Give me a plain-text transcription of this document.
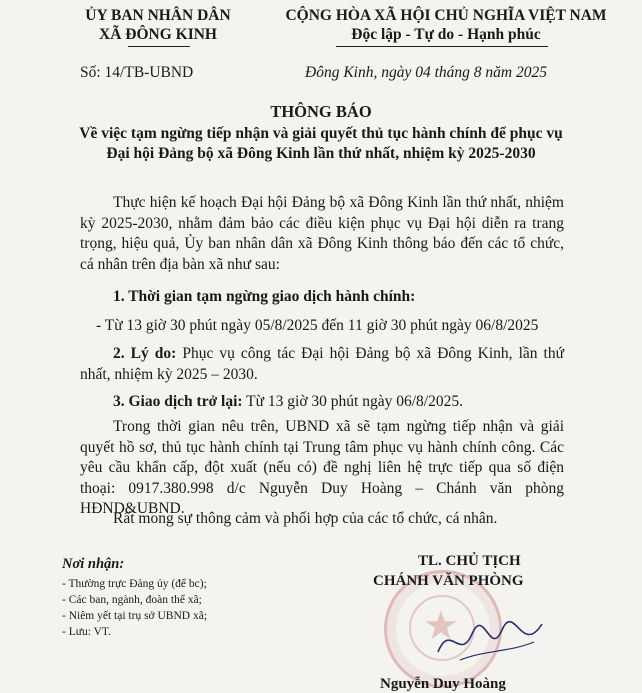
ỦY BAN NHÂN DÂN
XÃ ĐÔNG KINH
CỘNG HÒA XÃ HỘI CHỦ NGHĨA VIỆT NAM
Độc lập - Tự do - Hạnh phúc
Số: 14/TB-UBND	Đông Kinh, ngày 04 tháng 8 năm 2025
THÔNG BÁO
Về việc tạm ngừng tiếp nhận và giải quyết thủ tục hành chính để phục vụ
Đại hội Đảng bộ xã Đông Kinh lần thứ nhất, nhiệm kỳ 2025-2030
Thực hiện kế hoạch Đại hội Đảng bộ xã Đông Kinh lần thứ nhất, nhiệm kỳ 2025-2030, nhằm đảm bảo các điều kiện phục vụ Đại hội diễn ra trang trọng, hiệu quả, Ủy ban nhân dân xã Đông Kinh thông báo đến các tổ chức, cá nhân trên địa bàn xã như sau:
1. Thời gian tạm ngừng giao dịch hành chính:
- Từ 13 giờ 30 phút ngày 05/8/2025 đến 11 giờ 30 phút ngày 06/8/2025
2. Lý do: Phục vụ công tác Đại hội Đảng bộ xã Đông Kinh, lần thứ nhất, nhiệm kỳ 2025 – 2030.
3. Giao dịch trở lại: Từ 13 giờ 30 phút ngày 06/8/2025.
Trong thời gian nêu trên, UBND xã sẽ tạm ngừng tiếp nhận và giải quyết hồ sơ, thủ tục hành chính tại Trung tâm phục vụ hành chính công. Các yêu cầu khẩn cấp, đột xuất (nếu có) đề nghị liên hệ trực tiếp qua số điện thoại: 0917.380.998 d/c Nguyễn Duy Hoàng – Chánh văn phòng HĐND&UBND.
Rất mong sự thông cảm và phối hợp của các tổ chức, cá nhân.
Nơi nhận:
- Thường trực Đảng ủy (để bc);
- Các ban, ngành, đoàn thể xã;
- Niêm yết tại trụ sở UBND xã;
- Lưu: VT.	★
TL. CHỦ TỊCH
CHÁNH VĂN PHÒNG
Nguyễn Duy Hoàng
